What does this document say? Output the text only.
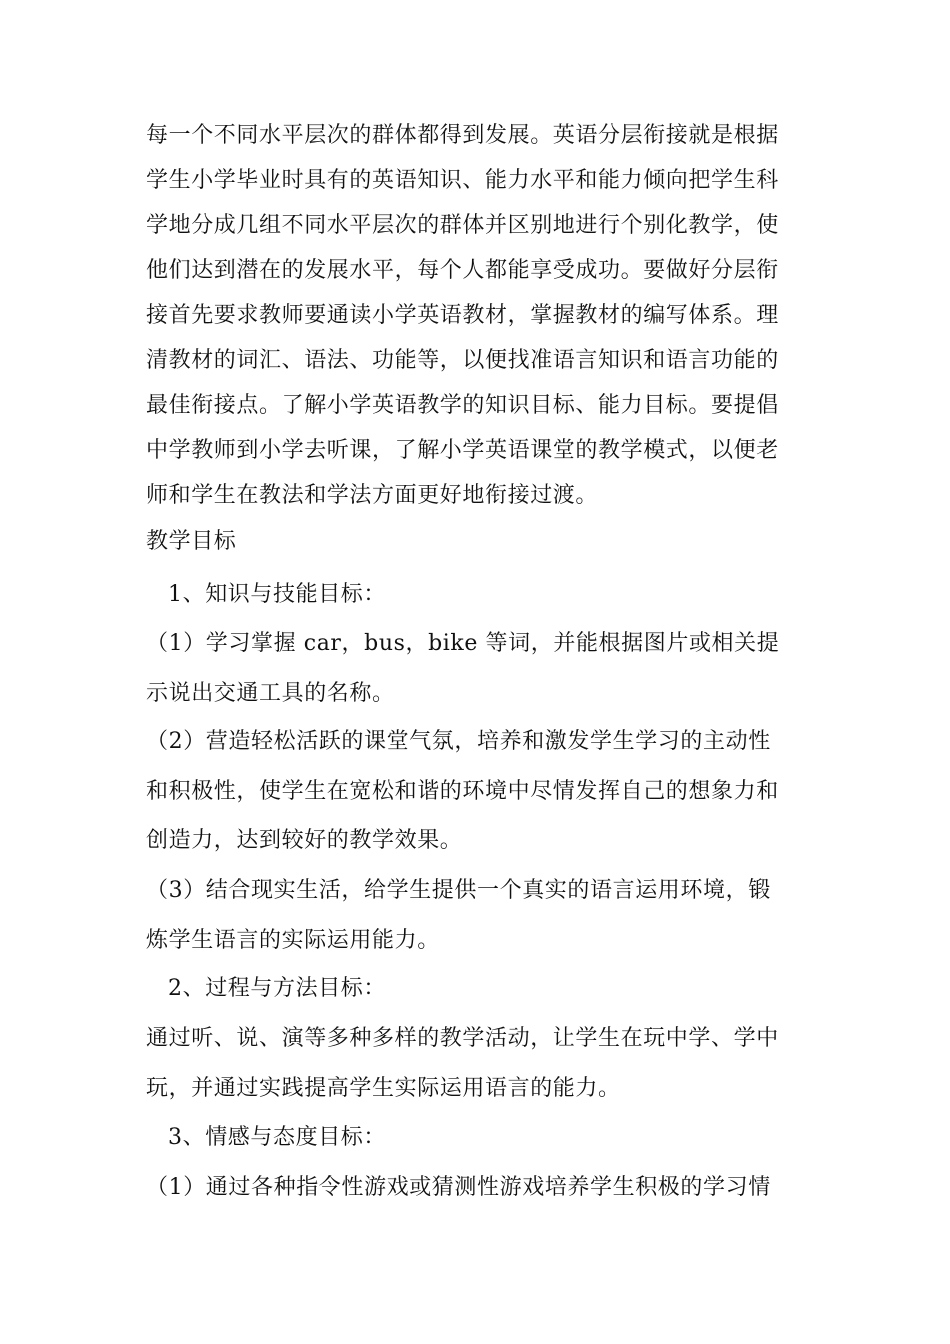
每一个不同水平层次的群体都得到发展。英语分层衔接就是根据
学生小学毕业时具有的英语知识、能力水平和能力倾向把学生科
学地分成几组不同水平层次的群体并区别地进行个别化教学，使
他们达到潜在的发展水平，每个人都能享受成功。要做好分层衔
接首先要求教师要通读小学英语教材，掌握教材的编写体系。理
清教材的词汇、语法、功能等，以便找准语言知识和语言功能的
最佳衔接点。了解小学英语教学的知识目标、能力目标。要提倡
中学教师到小学去听课，了解小学英语课堂的教学模式，以便老
师和学生在教法和学法方面更好地衔接过渡。
教学目标
1、知识与技能目标：
（1）学习掌握 car，bus，bike 等词，并能根据图片或相关提
示说出交通工具的名称。
（2）营造轻松活跃的课堂气氛，培养和激发学生学习的主动性
和积极性，使学生在宽松和谐的环境中尽情发挥自己的想象力和
创造力，达到较好的教学效果。
（3）结合现实生活，给学生提供一个真实的语言运用环境，锻
炼学生语言的实际运用能力。
2、过程与方法目标：
通过听、说、演等多种多样的教学活动，让学生在玩中学、学中
玩，并通过实践提高学生实际运用语言的能力。
3、情感与态度目标：
（1）通过各种指令性游戏或猜测性游戏培养学生积极的学习情
